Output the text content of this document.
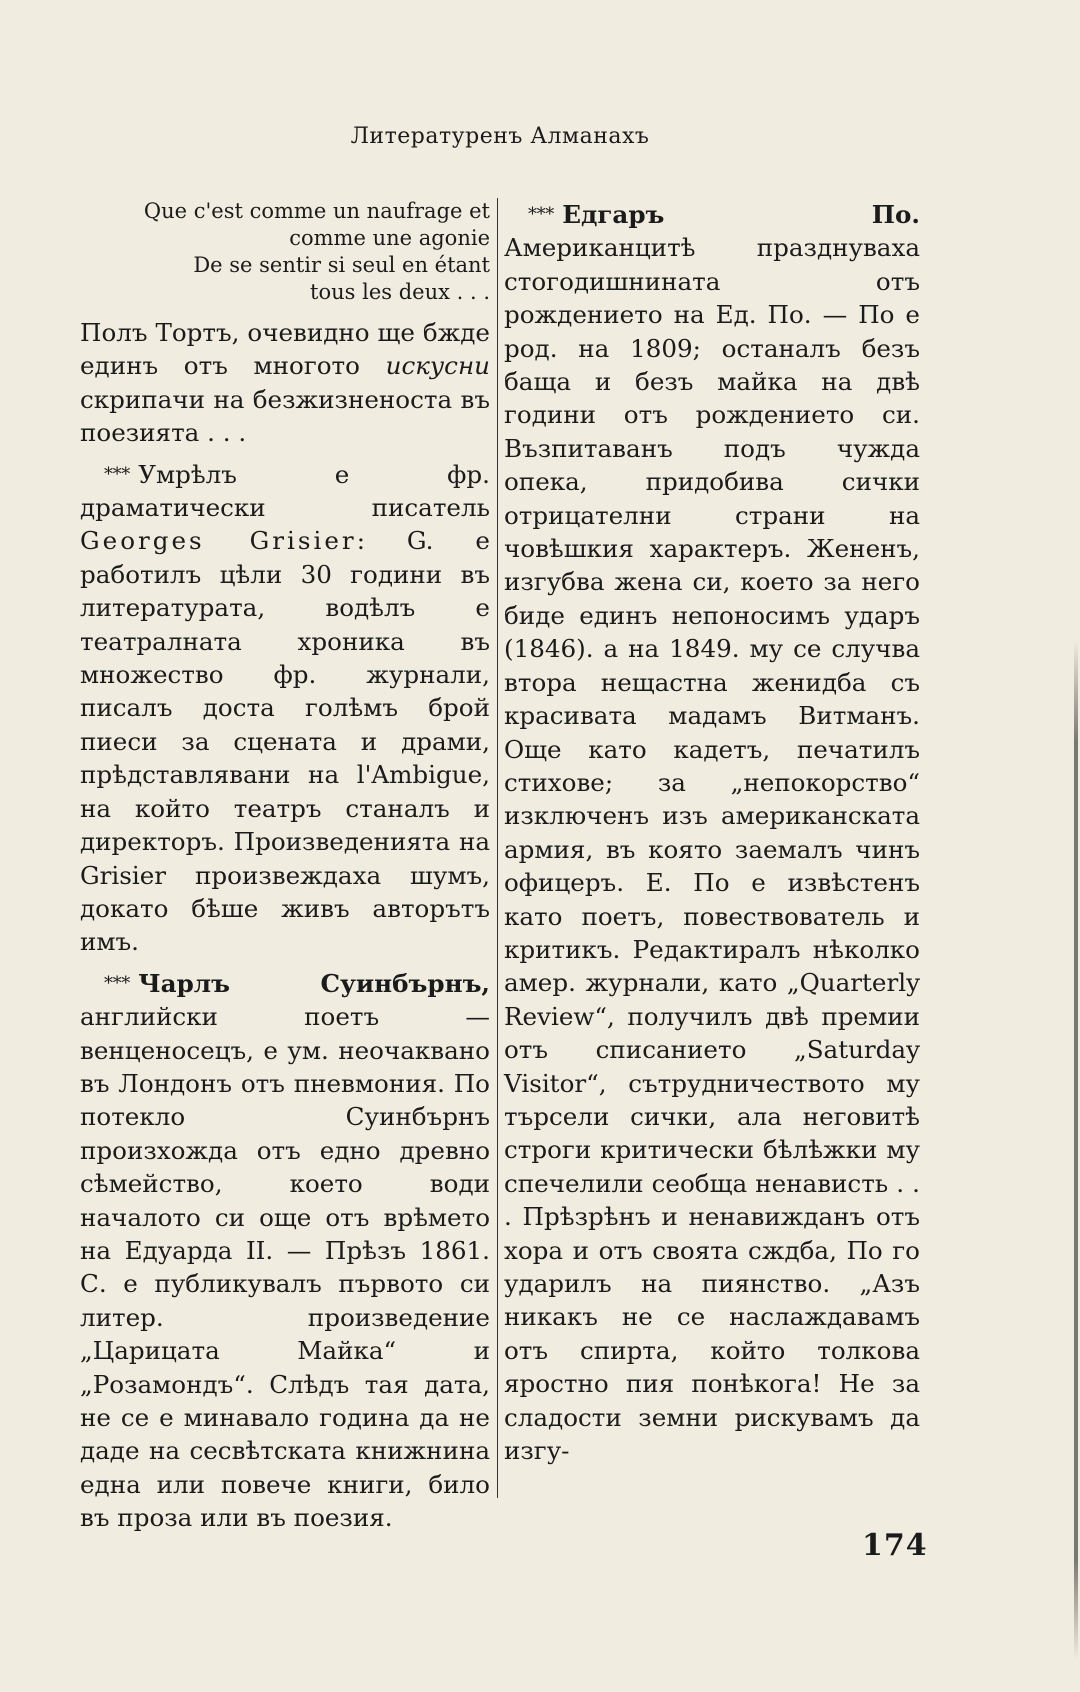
Литературенъ Алманахъ
Que c'est comme un naufrage et
comme une agonie
De se sentir si seul en étant
tous les deux . . .

Полъ Тортъ, очевидно ще бжде единъ отъ многото искусни скрипачи на безжизненоста въ поезията . . .

* * * Умрѣлъ е фр. драматически писатель Georges Grisier: G. е работилъ цѣли 30 години въ литературата, водѣлъ е театралната хроника въ множество фр. журнали, писалъ доста голѣмъ брой пиеси за сцената и драми, прѣдставлявани на l'Ambigue, на който театръ станалъ и директоръ. Произведенията на Grisier произвеждаха шумъ, докато бѣше живъ авторътъ имъ.

* * * Чарлъ Суинбърнъ, английски поетъ — венценосецъ, е ум. неочаквано въ Лондонъ отъ пневмония. По потекло Суинбърнъ произхожда отъ едно древно сѣмейство, което води началото си още отъ врѣмето на Едуарда II. — Прѣзъ 1861. С. е публикувалъ първото си литер. произведение „Царицата Майка“ и „Розамондъ“. Слѣдъ тая дата, не се е минавало година да не даде на сесвѣтската книжнина една или повече книги, било въ проза или въ поезия.

* * * Едгаръ По. Американцитѣ празднуваха стогодишнината отъ рождението на Ед. По. — По е род. на 1809; останалъ безъ баща и безъ майка на двѣ години отъ рождението си. Възпитаванъ подъ чужда опека, придобива сички отрицателни страни на човѣшкия характеръ. Жененъ, изгубва жена си, което за него биде единъ непоносимъ ударъ (1846). а на 1849. му се случва втора нещастна женидба съ красивата мадамъ Витманъ. Още като кадетъ, печатилъ стихове; за „непокорство“ изключенъ изъ американската армия, въ която заемалъ чинъ офицеръ. Е. По е извѣстенъ като поетъ, повествователь и критикъ. Редактиралъ нѣколко амер. журнали, като „Quarterly Review“, получилъ двѣ премии отъ списанието „Saturday Visitor“, сътрудничеството му търсели сички, ала неговитѣ строги критически бѣлѣжки му спечелили сеобща ненависть . . . Прѣзрѣнъ и ненавижданъ отъ хора и отъ своята сждба, По го ударилъ на пиянство. „Азъ никакъ не се наслаждавамъ отъ спирта, който толкова яростно пия понѣкога! Не за сладости земни рискувамъ да изгу-

174
